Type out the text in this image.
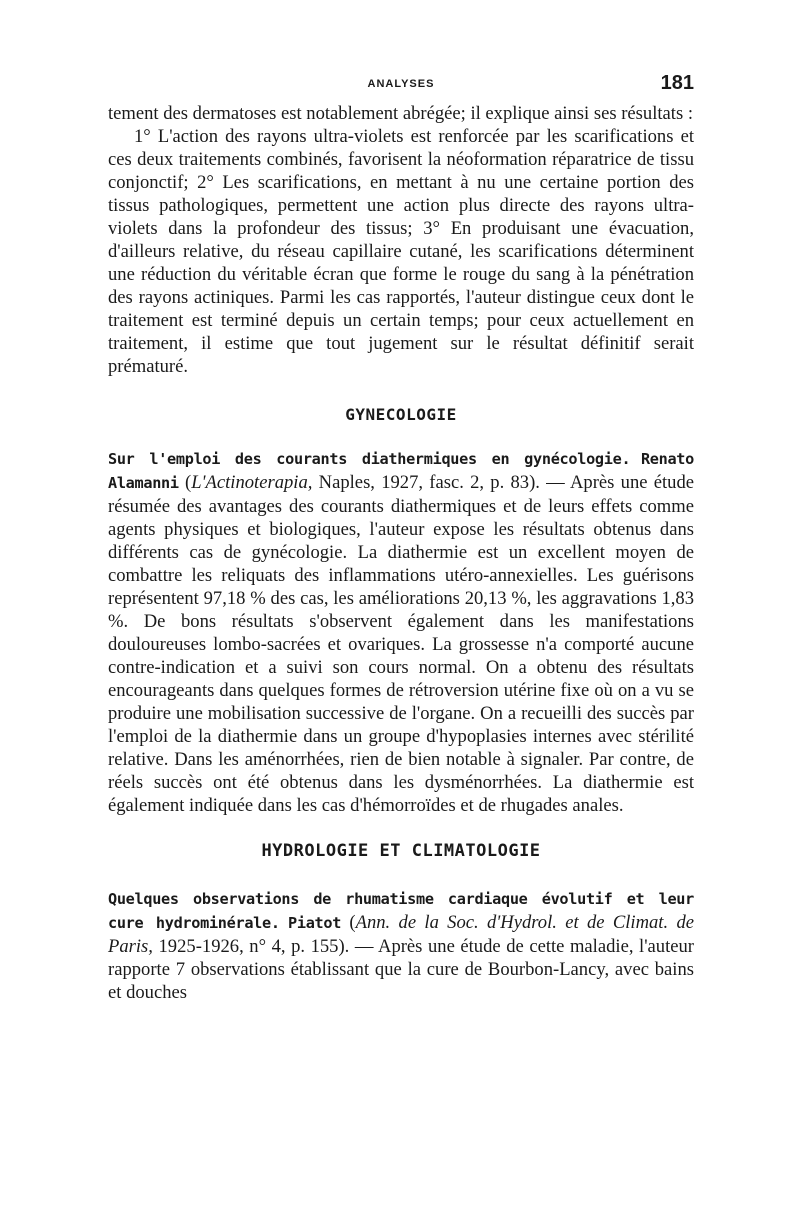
ANALYSES	181

tement des dermatoses est notablement abrégée; il explique ainsi ses résultats :

1° L'action des rayons ultra-violets est renforcée par les scarifications et ces deux traitements combinés, favorisent la néoformation réparatrice de tissu conjonctif; 2° Les scarifications, en mettant à nu une certaine portion des tissus pathologiques, permettent une action plus directe des rayons ultra-violets dans la profondeur des tissus; 3° En produisant une évacuation, d'ailleurs relative, du réseau capillaire cutané, les scarifications déterminent une réduction du véritable écran que forme le rouge du sang à la pénétration des rayons actiniques. Parmi les cas rapportés, l'auteur distingue ceux dont le traitement est terminé depuis un certain temps; pour ceux actuellement en traitement, il estime que tout jugement sur le résultat définitif serait prématuré.

GYNECOLOGIE

Sur l'emploi des courants diathermiques en gynécologie. Renato Alamanni (L'Actinoterapia, Naples, 1927, fasc. 2, p. 83). — Après une étude résumée des avantages des courants diathermiques et de leurs effets comme agents physiques et biologiques, l'auteur expose les résultats obtenus dans différents cas de gynécologie. La diathermie est un excellent moyen de combattre les reliquats des inflammations utéro-annexielles. Les guérisons représentent 97,18 % des cas, les améliorations 20,13 %, les aggravations 1,83 %. De bons résultats s'observent également dans les manifestations douloureuses lombo-sacrées et ovariques. La grossesse n'a comporté aucune contre-indication et a suivi son cours normal. On a obtenu des résultats encourageants dans quelques formes de rétroversion utérine fixe où on a vu se produire une mobilisation successive de l'organe. On a recueilli des succès par l'emploi de la diathermie dans un groupe d'hypoplasies internes avec stérilité relative. Dans les aménorrhées, rien de bien notable à signaler. Par contre, de réels succès ont été obtenus dans les dysménorrhées. La diathermie est également indiquée dans les cas d'hémorroïdes et de rhugades anales.

HYDROLOGIE ET CLIMATOLOGIE

Quelques observations de rhumatisme cardiaque évolutif et leur cure hydrominérale. Piatot (Ann. de la Soc. d'Hydrol. et de Climat. de Paris, 1925-1926, n° 4, p. 155). — Après une étude de cette maladie, l'auteur rapporte 7 observations établissant que la cure de Bourbon-Lancy, avec bains et douches
